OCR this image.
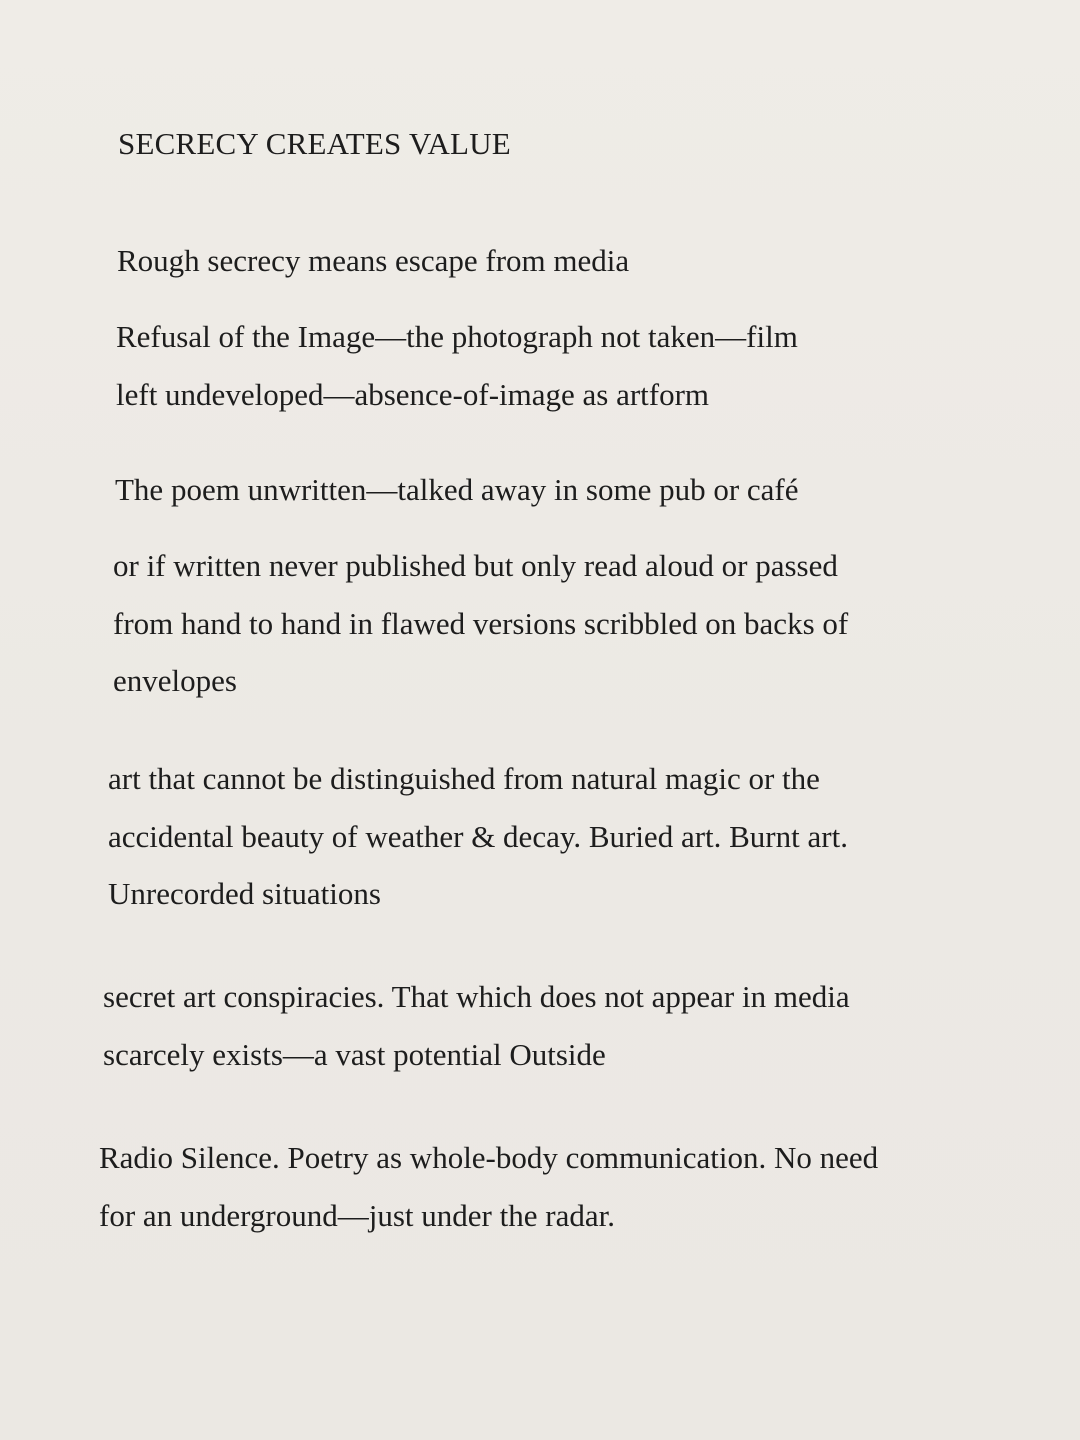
SECRECY CREATES VALUE

Rough secrecy means escape from media

Refusal of the Image—the photograph not taken—film
left undeveloped—absence-of-image as artform

The poem unwritten—talked away in some pub or café

or if written never published but only read aloud or passed
from hand to hand in flawed versions scribbled on backs of
envelopes

art that cannot be distinguished from natural magic or the
accidental beauty of weather & decay. Buried art. Burnt art.
Unrecorded situations

secret art conspiracies. That which does not appear in media
scarcely exists—a vast potential Outside

Radio Silence. Poetry as whole-body communication. No need
for an underground—just under the radar.
